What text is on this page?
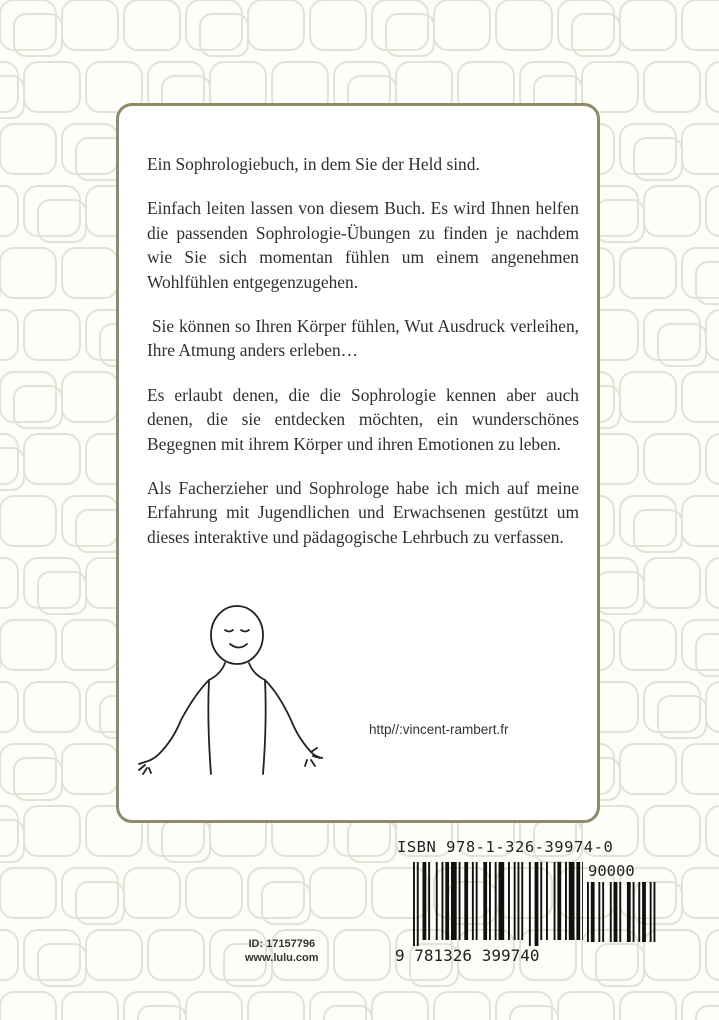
Ein Sophrologiebuch, in dem Sie der Held sind.

Einfach leiten lassen von diesem Buch. Es wird Ihnen helfen die passenden Sophrologie-Übungen zu finden je nachdem wie Sie sich momentan fühlen um einem angenehmen Wohlfühlen entgegenzugehen.

Sie können so Ihren Körper fühlen, Wut Ausdruck verleihen, Ihre Atmung anders erleben…

Es erlaubt denen, die die Sophrologie kennen aber auch denen, die sie entdecken möchten, ein wunderschönes Begegnen mit ihrem Körper und ihren Emotionen zu leben.

Als Facherzieher und Sophrologe habe ich mich auf meine Erfahrung mit Jugendlichen und Erwachsenen gestützt um dieses interaktive und pädagogische Lehrbuch zu verfassen.

http//:vincent-rambert.fr
ID: 17157796
www.lulu.com
ISBN 978-1-326-39974-0
90000
9 781326 399740
